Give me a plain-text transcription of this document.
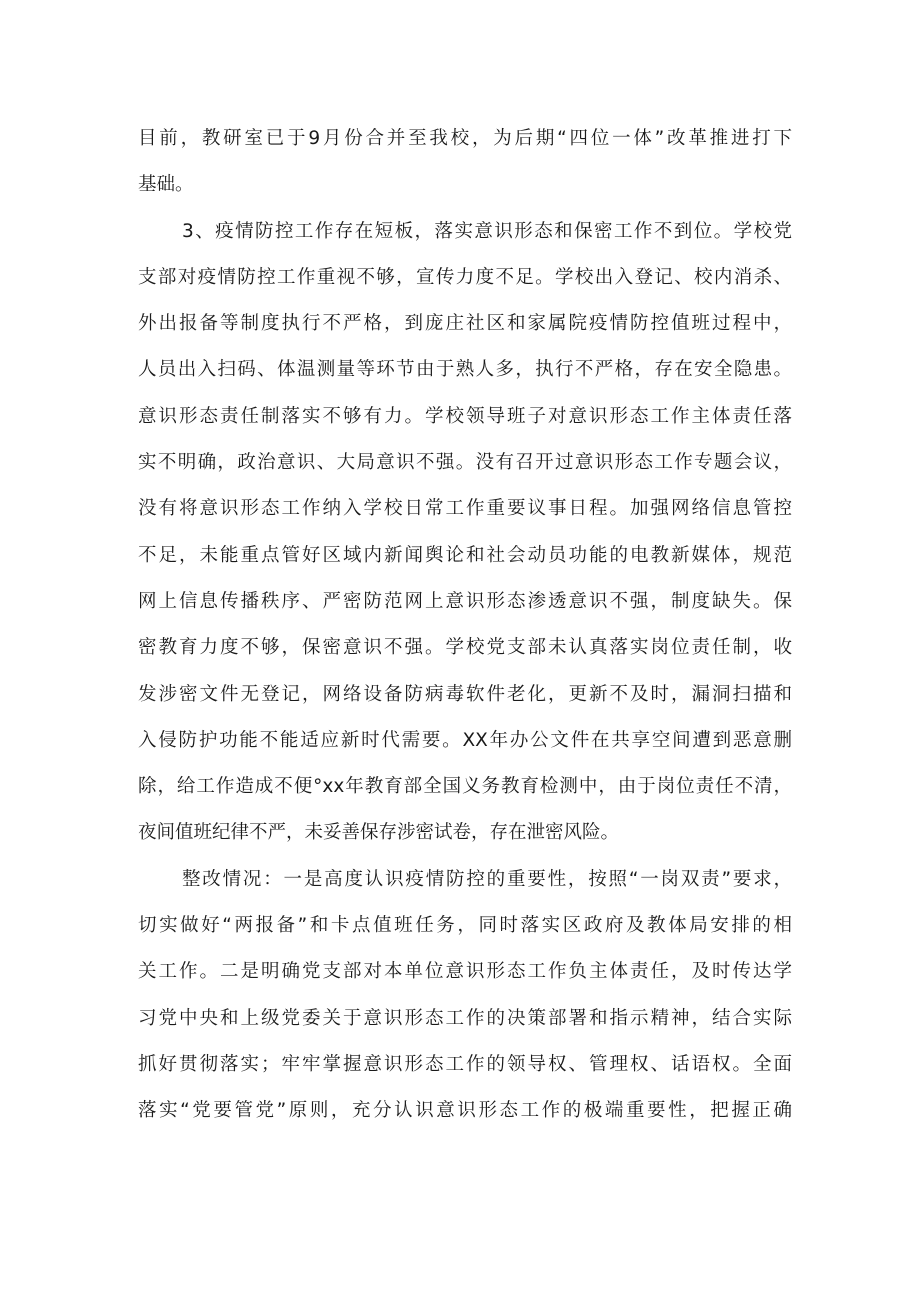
目前，教研室已于9月份合并至我校，为后期“四位一体”改革推进打下
基础。
3、疫情防控工作存在短板，落实意识形态和保密工作不到位。学校党
支部对疫情防控工作重视不够，宣传力度不足。学校出入登记、校内消杀、
外出报备等制度执行不严格，到庞庄社区和家属院疫情防控值班过程中，
人员出入扫码、体温测量等环节由于熟人多，执行不严格，存在安全隐患。
意识形态责任制落实不够有力。学校领导班子对意识形态工作主体责任落
实不明确，政治意识、大局意识不强。没有召开过意识形态工作专题会议，
没有将意识形态工作纳入学校日常工作重要议事日程。加强网络信息管控
不足，未能重点管好区域内新闻舆论和社会动员功能的电教新媒体，规范
网上信息传播秩序、严密防范网上意识形态渗透意识不强，制度缺失。保
密教育力度不够，保密意识不强。学校党支部未认真落实岗位责任制，收
发涉密文件无登记，网络设备防病毒软件老化，更新不及时，漏洞扫描和
入侵防护功能不能适应新时代需要。XX年办公文件在共享空间遭到恶意删
除，给工作造成不便°xx年教育部全国义务教育检测中，由于岗位责任不清，
夜间值班纪律不严，未妥善保存涉密试卷，存在泄密风险。
整改情况：一是高度认识疫情防控的重要性，按照“一岗双责”要求，
切实做好“两报备”和卡点值班任务，同时落实区政府及教体局安排的相
关工作。二是明确党支部对本单位意识形态工作负主体责任，及时传达学
习党中央和上级党委关于意识形态工作的决策部署和指示精神，结合实际
抓好贯彻落实；牢牢掌握意识形态工作的领导权、管理权、话语权。全面
落实“党要管党”原则，充分认识意识形态工作的极端重要性，把握正确
